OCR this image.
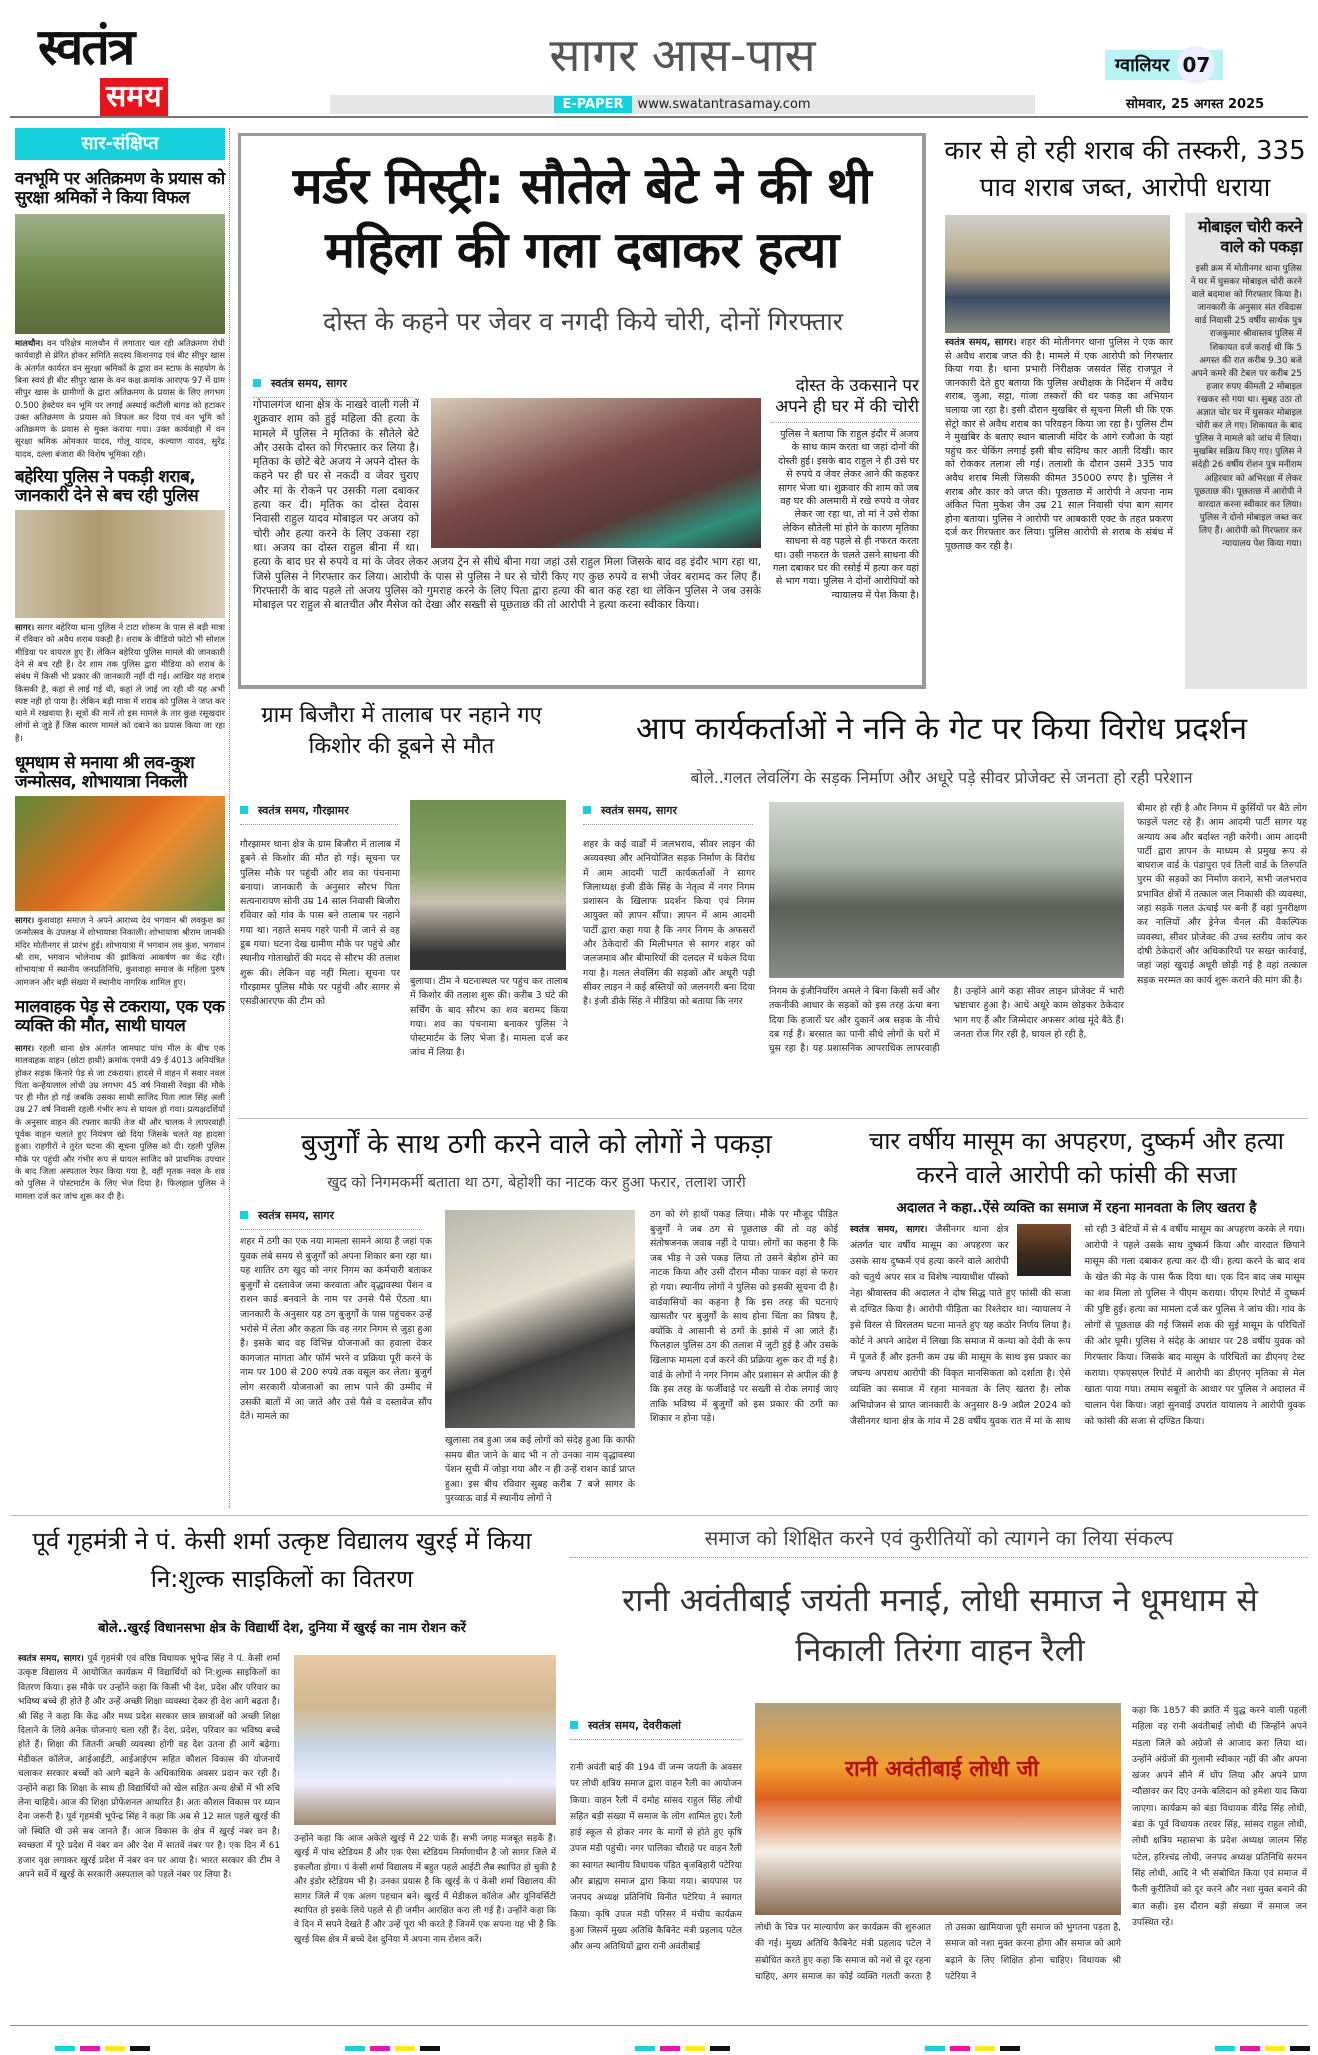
स्वतंत्र
समय
सागर आस-पास
E-PAPER	www.swatantrasamay.com
ग्वालियर 07
सोमवार, 25 अगस्त 2025
सार-संक्षिप्त
वनभूमि पर अतिक्रमण के प्रयास को सुरक्षा श्रमिकों ने किया विफल
मालथौन। वन परिक्षेत्र मालथौन में लगातार चल रही अतिक्रमण रोधी कार्यवाही से प्रेरित होकर समिति सदस्य किशनगढ़ एवं बीट सीपुर खास के अंतर्गत कार्यरत वन सुरक्षा श्रमिकों के द्वारा वन स्टाफ के सहयोग के बिना स्वयं ही बीट सीपुर खास के वन कक्ष क्रमांक आरएफ 97 में ग्राम सीपुर खास के ग्रामीणों के द्वारा अतिक्रमण के प्रयास के लिए लगभग 0.500 हेक्टेयर वन भूमि पर लगाई अस्थाई कटीली बागड को हटाकर उक्त अतिक्रमण के प्रयास को विफल कर दिया एवं वन भूमि को अतिक्रमण के प्रयास से मुक्त कराया गया। उक्त कार्यवाही में वन सुरक्षा श्रमिक ओमकार यादव, गोलू यादव, कल्याण यादव, सुरेंद्र यादव, दल्ला बंजारा की विशेष भूमिका रही।
बहेरिया पुलिस ने पकड़ी शराब, जानकारी देने से बच रही पुलिस
सागर। सागर बहेरिया थाना पुलिस ने टाटा शोरूम के पास से बड़ी मात्रा में रविवार को अवैध शराब पकड़ी है। शराब के वीडियो फोटो भी सोशल मीडिया पर वायरल हुए हैं। लेकिन बहेरिया पुलिस मामले की जानकारी देने से बच रही है। देर शाम तक पुलिस द्वारा मीडिया को शराब के संबंध में किसी भी प्रकार की जानकारी नहीं दी गई। आखिर यह शराब किसकी है, कहां से लाई गई थी, कहां ले जाई जा रही थी यह अभी स्पष्ट नही हो पाया है। लेकिन बड़ी मात्रा में शराब को पुलिस ने जप्त कर थाने में रखवाया है। सूत्रों की मानें तो इस मामले के तार कुछ रसूखदार लोगों से जुड़े हैं जिस कारण मामले को दबाने का प्रयास किया जा रहा है।
धूमधाम से मनाया श्री लव-कुश जन्मोत्सव, शोभायात्रा निकली
सागर। कुशवाहा समाज ने अपने आराध्य देव भगवान श्री लवकुश का जन्मोत्सव के उपलक्ष में शोभायात्रा निकाली। शोभायात्रा श्रीराम जानकी मंदिर मोतीनगर से प्रारंभ हुई। शोभायात्रा में भगवान लव कुश, भगवान श्री राम, भगवान भोलेनाथ की झांकियां आकर्षण का केंद्र रही। शोभायात्रा में स्थानीय जनप्रतिनिधि, कुशवाहा समाज के महिला पुरुष आमजन और बड़ी संख्या में स्थानीय नागरिक शामिल हुए।
मालवाहक पेड़ से टकराया, एक एक व्यक्ति की मौत, साथी घायल
सागर। रहली थाना क्षेत्र अंतर्गत जामघाट पांच मील के बीच एक मालवाहक वाहन (छोटा हाथी) क्रमांक एमपी 49 ई 4013 अनियंत्रित होकर सड़क किनारे पेड़ से जा टकराया। हादसे में वाहन में सवार नवल पिता कन्हैयालाल लोधी उम्र लगभग 45 वर्ष निवासी रेंवझा की मौके पर ही मौत हो गई जबकि उसका साथी साजिद पिता लाल सिंह अली उम्र 27 वर्ष निवासी रहली गंभीर रूप से घायल हो गया। प्रत्यक्षदर्शियों के अनुसार वाहन की रफ्तार काफी तेज थी और चालक ने लापरवाही पूर्वक वाहन चलाते हुए नियंत्रण खो दिया जिसके चलते यह हादसा हुआ। राहगीरों ने तुरंत घटना की सूचना पुलिस को दी। रहली पुलिस मौके पर पहुंची और गंभीर रूप से घायल साजिद को प्राथमिक उपचार के बाद जिला अस्पताल रेफर किया गया है, वहीं मृतक नवल के शव को पुलिस ने पोस्टमार्टम के लिए भेज दिया है। फिलहाल पुलिस ने मामला दर्ज कर जांच शुरू कर दी है।
मर्डर मिस्ट्री: सौतेले बेटे ने की थी महिला की गला दबाकर हत्या
दोस्त के कहने पर जेवर व नगदी किये चोरी, दोनों गिरफ्तार
स्वतंत्र समय, सागर
गोपालगंज थाना क्षेत्र के नाखरे वाली गली में शुक्रवार शाम को हुई महिला की हत्या के मामले में पुलिस ने मृतिका के सौतेले बेटे और उसके दोस्त को गिरफ्तार कर लिया है। मृतिका के छोटे बेटे अजय ने अपने दोस्त के कहने पर ही घर से नकदी व जेवर चुराए और मां के रोकने पर उसकी गला दबाकर हत्या कर दी। मृतिक का दोस्त देवास निवासी राहुल यादव मोबाइल पर अजय को चोरी और हत्या करने के लिए उकसा रहा था। अजय का दोस्त राहुल बीना में था। हत्या के बाद घर से रुपये व मां के जेवर लेकर अजय ट्रेन से सीधे बीना गया जहां उसे राहुल मिला जिसके बाद वह इंदौर भाग रहा था, जिसे पुलिस ने गिरफ्तार कर लिया। आरोपी के पास से पुलिस ने घर से चोरी किए गए कुछ रुपये व सभी जेवर बरामद कर लिए हैं। गिरफ्तारी के बाद पहले तो अजय पुलिस को गुमराह करने के लिए पिता द्वारा हत्या की बात कह रहा था लेकिन पुलिस ने जब उसके मोबाइल पर राहुल से बातचीत और मैसेज को देखा और सख्ती से पूछताछ की तो आरोपी ने हत्या करना स्वीकार किया।
दोस्त के उकसाने पर अपने ही घर में की चोरी
पुलिस ने बताया कि राहुल इंदौर में अजय के साथ काम करता था जहां दोनों की दोस्ती हुई। इसके बाद राहुल ने ही उसे घर से रुपये व जेवर लेकर आने की कहकर सागर भेजा था। शुक्रवार की शाम को जब वह घर की अलमारी में रखे रुपये व जेवर लेकर जा रहा था, तो मां ने उसे रोका लेकिन सौतेली मां होने के कारण मृतिका साधना से वह पहले से ही नफरत करता था। उसी नफरत के चलते उसने साधना की गला दबाकर घर की रसोई में हत्या कर वहां से भाग गया। पुलिस ने दोनों आरोपियों को न्यायालय में पेश किया है।
कार से हो रही शराब की तस्करी, 335 पाव शराब जब्त, आरोपी धराया
स्वतंत्र समय, सागर। शहर की मोतीनगर थाना पुलिस ने एक कार से अवैध शराब जप्त की है। मामले में एक आरोपी को गिरफ्तार किया गया है। थाना प्रभारी निरीक्षक जसवंत सिंह राजपूत ने जानकारी देते हुए बताया कि पुलिस अधीक्षक के निर्देशन में अवैध शराब, जुआ, सट्टा, गांजा तस्करों की धर पकड़ का अभियान चलाया जा रहा है। इसी दौरान मुखबिर से सूचना मिली थी कि एक सेंट्रो कार से अवैध शराब का परिवहन किया जा रहा है। पुलिस टीम ने मुखबिर के बताए स्थान बालाजी मंदिर के आगे रजौआ के यहां पहुंच कर चेकिंग लगाई इसी बीच संदिग्ध कार आती दिखी। कार को रोककर तलाश ली गई। तलाशी के दौरान उसमें 335 पाव अवैध शराब मिली जिसकी कीमत 35000 रुपए है। पुलिस ने शराब और कार को जप्त की। पूछताछ में आरोपी ने अपना नाम अंकित पिता मुकेश जैन उम्र 21 साल निवासी चंपा बाग सागर होना बताया। पुलिस ने आरोपी पर आबकारी एक्ट के तहत प्रकरण दर्ज कर गिरफ्तार कर लिया। पुलिस आरोपी से शराब के संबंध में पूछताछ कर रही है।
मोबाइल चोरी करने वाले को पकड़ा
इसी क्रम में मोतीनगर थाना पुलिस ने घर में घुसकर मोबाइल चोरी करने वाले बदमाश को गिरफ्तार किया है। जानकारी के अनुसार संत रविदास वार्ड निवासी 25 वर्षीय सार्थक पुत्र राजकुमार श्रीवास्तव पुलिस में शिकायत दर्ज कराई थी कि 5 अगस्त की रात करीब 9.30 बजे अपने कमरे की टेबल पर करीब 25 हजार रुपए कीमती 2 मोबाइल रखकर सो गया था। सुबह उठा तो अज्ञात चोर घर में घुसकर मोबाइल चोरी कर ले गए। शिकायत के बाद पुलिस ने मामले को जांच में लिया। मुखबिर सक्रिय किए गए। पुलिस ने संदेही 26 वर्षीय रोशन पुत्र मनीराम अहिरवार को अभिरक्षा में लेकर पूछताछ की। पूछताछ में आरोपी ने वारदात करना स्वीकार कर लिया। पुलिस ने दोनो मोबाइल जब्त कर लिए हैं। आरोपी को गिरफ्तार कर न्यायालय पेश किया गया।
ग्राम बिजौरा में तालाब पर नहाने गए किशोर की डूबने से मौत
स्वतंत्र समय, गौरझामर
गौरझामर थाना क्षेत्र के ग्राम बिजौरा में तालाब में डूबने से किशोर की मौत हो गई। सूचना पर पुलिस मौके पर पहुंची और शव का पंचनामा बनाया। जानकारी के अनुसार सौरभ पिता सत्यनारायण सोनी उम्र 14 साल निवासी बिजौरा रविवार को गांव के पास बने तालाब पर नहाने गया था। नहाते समय गहरे पानी में जाने से वह डूब गया। घटना देख ग्रामीण मौके पर पहुंचे और स्थानीय गोताखोरों की मदद से सौरभ की तलाश शुरू की। लेकिन वह नहीं मिला। सूचना पर गौरझामर पुलिस मौके पर पहुंची और सागर से एसडीआरएफ की टीम को
बुलाया। टीम ने घटनास्थल पर पहुंच कर तालाब में किशोर की तलाश शुरू की। करीब 3 घंटे की सर्चिंग के बाद सौरभ का शव बरामद किया गया। शव का पंचनामा बनाकर पुलिस ने पोस्टमार्टम के लिए भेजा है। मामला दर्ज कर जांच में लिया है।
आप कार्यकर्ताओं ने ननि के गेट पर किया विरोध प्रदर्शन
बोले..गलत लेवलिंग के सड़क निर्माण और अधूरे पड़े सीवर प्रोजेक्ट से जनता हो रही परेशान
स्वतंत्र समय, सागर
शहर के कई वार्डों में जलभराव, सीवर लाइन की अव्यवस्था और अनियोजित सड़क निर्माण के विरोध में आम आदमी पार्टी कार्यकर्ताओं ने सागर जिलाध्यक्ष इंजी डीके सिंह के नेतृत्व में नगर निगम प्रशासन के खिलाफ प्रदर्शन किया एवं निगम आयुक्त को ज्ञापन सौंपा। ज्ञापन में आम आदमी पार्टी द्वारा कहा गया है कि नगर निगम के अफसरों और ठेकेदारों की मिलीभगत से सागर शहर को जलजमाव और बीमारियों की दलदल में धकेल दिया गया है। गलत लेवलिंग की सड़कों और अधूरी पड़ी सीवर लाइन ने कई बस्तियों को जलनगरी बना दिया है। इंजी डीके सिंह ने मीडिया को बताया कि नगर
निगम के इंजीनियरिंग अमले ने बिना किसी सर्वे और तकनीकी आधार के सड़कों को इस तरह ऊंचा बना दिया कि हजारों घर और दुकानें अब सड़क के नीचे दब गई हैं। बरसात का पानी सीधे लोगों के घरों में घुस रहा है। यह प्रशासनिक आपराधिक लापरवाही है। उन्होंने आगे कहा सीवर लाइन प्रोजेक्ट में भारी भ्रष्टाचार हुआ है। आधे अधूरे काम छोड़कर ठेकेदार भाग गए हैं और जिम्मेदार अफसर आंख मूंदे बैठे हैं। जनता रोज गिर रही है, घायल हो रही है,
बीमार हो रही है और निगम में कुर्सियों पर बैठे लोग फाइलें पलट रहे हैं। आम आदमी पार्टी सागर यह अन्याय अब और बर्दाश्त नही करेगी। आम आदमी पार्टी द्वारा ज्ञापन के माध्यम से प्रमुख रूप से बाघराज वार्ड के पंडापुरा एवं तिली वार्ड के तिरुपति पुरम की सड़कों का निर्माण कराने, सभी जलभराव प्रभावित क्षेत्रों में तत्काल जल निकासी की व्यवस्था, जहां सड़कें गलत ऊंचाई पर बनी हैं वहां पुनरीक्षण कर नालियों और ड्रेनेज चैनल की वैकल्पिक व्यवस्था, सीवर प्रोजेक्ट की उच्च स्तरीय जांच कर दोषी ठेकेदारों और अधिकारियों पर सख्त कार्रवाई, जहां जहां खुदाई अधूरी छोड़ी गई है वहां तत्काल सड़क मरम्मत का कार्य शुरू कराने की मांग की है।
बुजुर्गों के साथ ठगी करने वाले को लोगों ने पकड़ा
खुद को निगमकर्मी बताता था ठग, बेहोशी का नाटक कर हुआ फरार, तलाश जारी
स्वतंत्र समय, सागर
शहर में ठगी का एक नया मामला सामने आया है जहां एक युवक लंबे समय से बुजुर्गों को अपना शिकार बना रहा था। यह शातिर ठग खुद को नगर निगम का कर्मचारी बताकर बुजुर्गों से दस्तावेज जमा करवाता और वृद्धावस्था पेंशन व राशन कार्ड बनवाने के नाम पर उनसे पैसे ऐंठता था। जानकारी के अनुसार यह ठग बुजुर्गों के पास पहुंचकर उन्हें भरोसे में लेता और कहता कि वह नगर निगम से जुड़ा हुआ है। इसके बाद वह विभिन्न योजनाओं का हवाला देकर कागजात मांगता और फॉर्म भरने व प्रक्रिया पूरी करने के नाम पर 100 से 200 रुपये तक वसूल कर लेता। बुजुर्ग लोग सरकारी योजनाओं का लाभ पाने की उम्मीद में उसकी बातों में आ जाते और उसे पैसे व दस्तावेज सौंप देते। मामले का
खुलासा तब हुआ जब कई लोगों को संदेह हुआ कि काफी समय बीत जाने के बाद भी न तो उनका नाम वृद्धावस्था पेंशन सूची में जोड़ा गया और न ही उन्हें राशन कार्ड प्राप्त हुआ। इस बीच रविवार सुबह करीब 7 बजे सागर के पुरव्याऊ वार्ड में स्थानीय लोगों ने
ठग को रंगे हाथों पकड़ लिया। मौके पर मौजूद पीड़ित बुजुर्गों ने जब ठग से पूछताछ की तो वह कोई संतोषजनक जवाब नहीं दे पाया। लोगों का कहना है कि जब भीड़ ने उसे पकड़ लिया तो उसने बेहोश होने का नाटक किया और उसी दौरान मौका पाकर वहां से फरार हो गया। स्थानीय लोगों ने पुलिस को इसकी सूचना दी है। वार्डवासियों का कहना है कि इस तरह की घटनाएं खासतौर पर बुजुर्गों के साथ होना चिंता का विषय है, क्योंकि वे आसानी से ठगों के झांसे में आ जाते हैं। फिलहाल पुलिस ठग की तलाश में जुटी हुई है और उसके खिलाफ मामला दर्ज करने की प्रक्रिया शुरू कर दी गई है। वार्ड के लोगों ने नगर निगम और प्रशासन से अपील की है कि इस तरह के फर्जीवाड़े पर सख्ती से रोक लगाई जाए ताकि भविष्य में बुजुर्गों को इस प्रकार की ठगी का शिकार न होना पड़े।
चार वर्षीय मासूम का अपहरण, दुष्कर्म और हत्या करने वाले आरोपी को फांसी की सजा
अदालत ने कहा..ऐंसे व्यक्ति का समाज में रहना मानवता के लिए खतरा है
स्वतंत्र समय, सागर। जैसीनगर थाना क्षेत्र अंतर्गत चार वर्षीय मासूम का अपहरण कर उसके साथ दुष्कर्म एवं हत्या करने वाले आरोपी को चतुर्थ अपर सत्र व विशेष न्यायाधीश पॉस्को नेहा श्रीवास्तव की अदालत ने दोष सिद्ध पाते हुए फांसी की सजा से दण्डित किया है। आरोपी पीड़िता का रिश्तेदार था। न्यायालय ने इसे विरल से विरलतम घटना मानते हुए यह कठोर निर्णय लिया है। कोर्ट ने अपने आदेश में लिखा कि समाज में कन्या को देवी के रूप में पूजते हैं और इतनी कम उम्र की मासूम के साथ इस प्रकार का जघन्य अपराध आरोपी की विकृत मानसिकता को दर्शाता है। ऐसे व्यक्ति का समाज में रहना मानवता के लिए खतरा है। लोक अभियोजन से प्राप्त जानकारी के अनुसार 8-9 अप्रैल 2024 को जैसीनगर थाना क्षेत्र के गांव में 28 वर्षीय युवक रात में मां के साथ सो रही 3 बेटियों में से 4 वर्षीय मासूम का अपहरण करके ले गया। आरोपी ने पहले उसके साथ दुष्कर्म किया और वारदात छिपाने मासूम की गला दबाकर हत्या कर दी थी। हत्या करने के बाद शव के खेत की मेढ़ के पास फैंक दिया था। एक दिन बाद जब मासूम का शव मिला तो पुलिस ने पीएम कराया। पीएम रिपोर्ट में दुष्कर्म की पुष्टि हुई। हत्या का मामला दर्ज कर पुलिस ने जांच की। गांव के लोगों से पूछताछ की गई जिसमें शक की सुई मासूम के परिचितों की ओर घूमी। पुलिस ने संदेह के आधार पर 28 वर्षीय युवक को गिरफ्तार किया। जिसके बाद मासूम के परिचितों का डीएनए टेस्ट कराया। एफएसएल रिपोर्ट में आरोपी का डीएनए मृतिका से मेल खाता पाया गया। तमाम सबूतों के आधार पर पुलिस ने अदालत में चालान पेश किया। जहां सुनवाई उपरांत यायालय ने आरोपी युवक को फांसी की सजा से दण्डित किया।
पूर्व गृहमंत्री ने पं. केसी शर्मा उत्कृष्ट विद्यालय खुरई में किया नि:शुल्क साइकिलों का वितरण
बोले..खुरई विधानसभा क्षेत्र के विद्यार्थी देश, दुनिया में खुरई का नाम रोशन करें
स्वतंत्र समय, सागर। पूर्व गृहमंत्री एवं वरिष्ठ विधायक भूपेन्द्र सिंह ने पं. केसी शर्मा उत्कृष्ट विद्यालय में आयोजित कार्यक्रम में विद्यार्थियों को नि:शुल्क साइकिलों का वितरण किया। इस मौके पर उन्होंने कहा कि किसी भी देश, प्रदेश और परिवार का भविष्य बच्चे ही होते है और उन्हें अच्छी शिक्षा व्यवस्था देकर ही देश आगे बढ़ता है। श्री सिंह ने कहा कि केंद्र और मध्य प्रदेश सरकार छात्र छात्राओं को अच्छी शिक्षा दिलाने के लिये अनेक योजनाएं चला रही हैं। देश, प्रदेश, परिवार का भविष्य बच्चे होते हैं। शिक्षा की जितनी अच्छी व्यवस्था होगी वह देश उतना ही आगें बढ़ेगा। मेडीकल कॉलेज, आईआईटी, आईआईएम सहित कौशल विकास की योजनायें चलाकर सरकार बच्चों को आगे बढ़ने के अधिकाधिक अवसर प्रदान कर रही है। उन्होंने कहा कि शिक्षा के साथ ही विद्यार्थियों को खेल सहित अन्य क्षेत्रों में भी रुचि लेना चाहिये। आज की शिक्षा प्रोफेशनल आधारित है। अतः कौशल विकास पर ध्यान देना जरूरी है। पूर्व गृहमंत्री भूपेन्द्र सिंह ने कहा कि अब से 12 साल पहले खुरई की जो स्थिति थी उसे सब जानते हैं। आज विकास के क्षेत्र में खुरई नंबर वन है। स्वच्छता में पूरे प्रदेश में नंबर वन और देश में सातवें नंबर पर है। एक दिन में 61 हजार वृक्ष लगाकर खुरई प्रदेश में नंबर वन पर आया है। भारत सरकार की टीम ने अपने सर्वे में खुरई के सरकारी अस्पताल को पहले नंबर पर लिया है।
उन्होंने कहा कि आज अकेले खुरई में 22 पार्क हैं। सभी जगह मजबूत सड़कें हैं। खुरई में पांच स्टेडियम हैं और एक ऐसा स्टेडियम निर्माणाधीन है जो सागर जिले में इकलौता होगा। पं केसी शर्मा विद्यालय में बहुत पहले आईटी लैब स्थापित हो चुकी है और इंडोर स्टेडियम भी है। उनका प्रयास है कि खुरई के पं केसी शर्मा विद्यालय की सागर जिले में एक अलग पहचान बने। खुरई में मेडीकल कॉलेज और यूनिवर्सिटी स्थापित हो इसके लिये पहले से ही जमीन आरक्षित करा ली गई है। उन्होंने कहा कि वे दिन में सपने देखते हैं और उन्हें पूरा भी करते है जिनमें एक सपना यह भी है कि खुरई विस क्षेत्र में बच्चे देश दुनिया में अपना नाम रोशन करें।
समाज को शिक्षित करने एवं कुरीतियों को त्यागने का लिया संकल्प
रानी अवंतीबाई जयंती मनाई, लोधी समाज ने धूमधाम से निकाली तिरंगा वाहन रैली
स्वतंत्र समय, देवरीकलां
रानी अवंती बाई की 194 वीं जन्म जयंती के अवसर पर लोधी क्षत्रिय समाज द्वारा वाहन रैली का आयोजन किया। वाहन रैली में दमोह सांसद राहुल सिंह लोधी सहित बड़ी संख्या में समाज के लोग शामिल हुए। रैली हाई स्कूल से होकर नगर के मार्गो से होते हुए कृषि उपज मंडी पहुंची। नगर पालिका चौराहे पर वाहन रैली का स्वागत स्थानीय विधायक पंडित बृजबिहारी पटेरिया और ब्राह्मण समाज द्वारा किया गया। बायपास पर जनपद अध्यक्ष प्रतिनिधि विनीत पटेरिया ने स्वागत किया। कृषि उपज मंडी परिसर में मंचीय कार्यक्रम हुआ जिसमें मुख्य अतिथि कैबिनेट मंत्री प्रहलाद पटेल और अन्य अतिथियों द्वारा रानी अवंतीबाई
रानी अवंतीबाई लोधी जी
लोधी के चित्र पर माल्यार्पण कर कार्यक्रम की शुरुआत की गई। मुख्य अतिथि कैबिनेट मंत्री प्रहलाद पटेल ने संबोधित करते हुए कहा कि समाज को नशे से दूर रहना चाहिए, अगर समाज का कोई व्यक्ति गलती करता है तो उसका खामियाजा पूरी समाज को भुगतना पड़ता है, समाज को नशा मुक्त करना होगा और समाज को आगे बढ़ाने के लिए शिक्षित होना चाहिए। विधायक श्री पटेरिया ने
कहा कि 1857 की क्रांति में युद्ध करने वाली पहली महिला वह रानी अवंतीबाई लोधी थी जिन्होंने अपने मंडला जिले को अंग्रेजों से आजाद करा लिया था। उन्होंने अंग्रेजों की गुलामी स्वीकार नहीं की और अपना खंजर अपने सीने में घोंप लिया और अपने प्राण न्यौछावर कर दिए उनके बलिदान को हमेशा याद किया जाएगा। कार्यक्रम को बंडा विधायक वीरेंद्र सिंह लोधी, बंडा के पूर्व विधायक तरवर सिंह, सांसद राहुल लोधी, लोधी क्षत्रिय महासभा के प्रदेश अध्यक्ष जालम सिंह पटेल, हरिश्चंद्र लोधी, जनपद अध्यक्ष प्रतिनिधि सरमन सिंह लोधी, आदि ने भी संबोधित किया एवं समाज में फैली कुरीतियों को दूर करने और नशा मुक्त बनाने की बात कही। इस दौरान बड़ी संख्या में समाज जन उपस्थित रहे।
